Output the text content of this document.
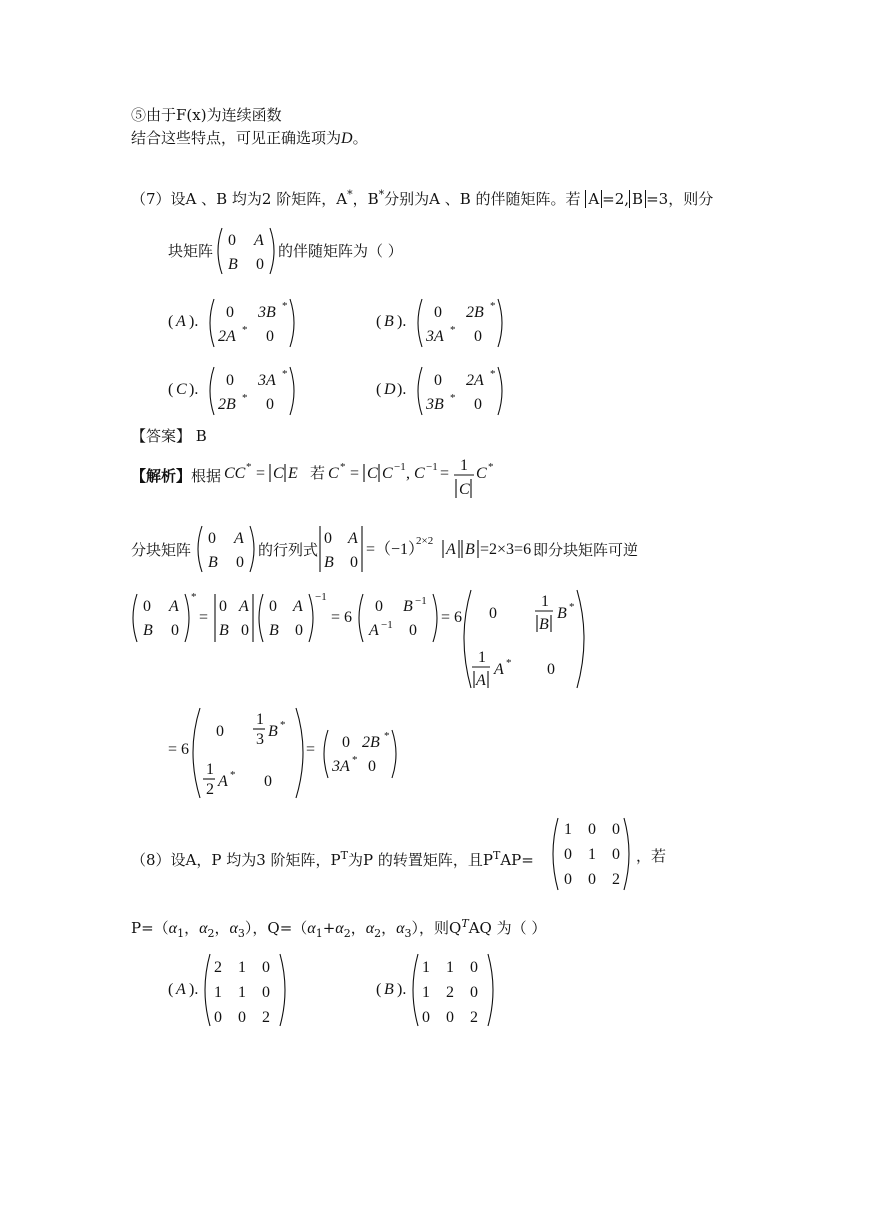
⑤由于F(x)为连续函数
结合这些特点，可见正确选项为D。
（7）设A 、B 均为2 阶矩阵，A*，B*分别为A 、B 的伴随矩阵。若 A =2, B =3，则分
块矩阵
0 A
B 0
的伴随矩阵为（ ）
【答案】 B
【解析】根据 CC * = C E 若 C * = C C −1 , C −1 = 1
C
C *
分块矩阵
0 A
B 0
的行列式
0 A
B 0
=（−1）
2×2 A B =2×3=6 即分块矩阵可逆
0 A
B 0
*
=
0 A
B 0
0 A
B 0
−1
= 6
0 B −1
A −1 0
= 6 0
1
B
B *
1
A
A * 0
= 6
0
1
3 B *
1
2 A * 0
= 0 2B *
3A * 0
（8）设A，P 均为3 阶矩阵，$P^T$为P 的转置矩阵，且$P^TAP=$
1 0 0
0 1 0
0 0 2
，若
$P=(\alpha_1$，$\alpha_2$，$\alpha_3$），$Q=(\alpha_1+\alpha_2$，$\alpha_2$，$\alpha_3$），则$Q^TAQ$ 为（ ）
( A ).
0 3B *
2A * 0
( B ).
0 2B *
3A * 0
( C ).
0 3A *
2B * 0
( D ).
0 2A *
3B * 0
( A ).
2 1 0
1 1 0
0 0 2
( B ).
1 1 0
1 2 0
0 0 2
